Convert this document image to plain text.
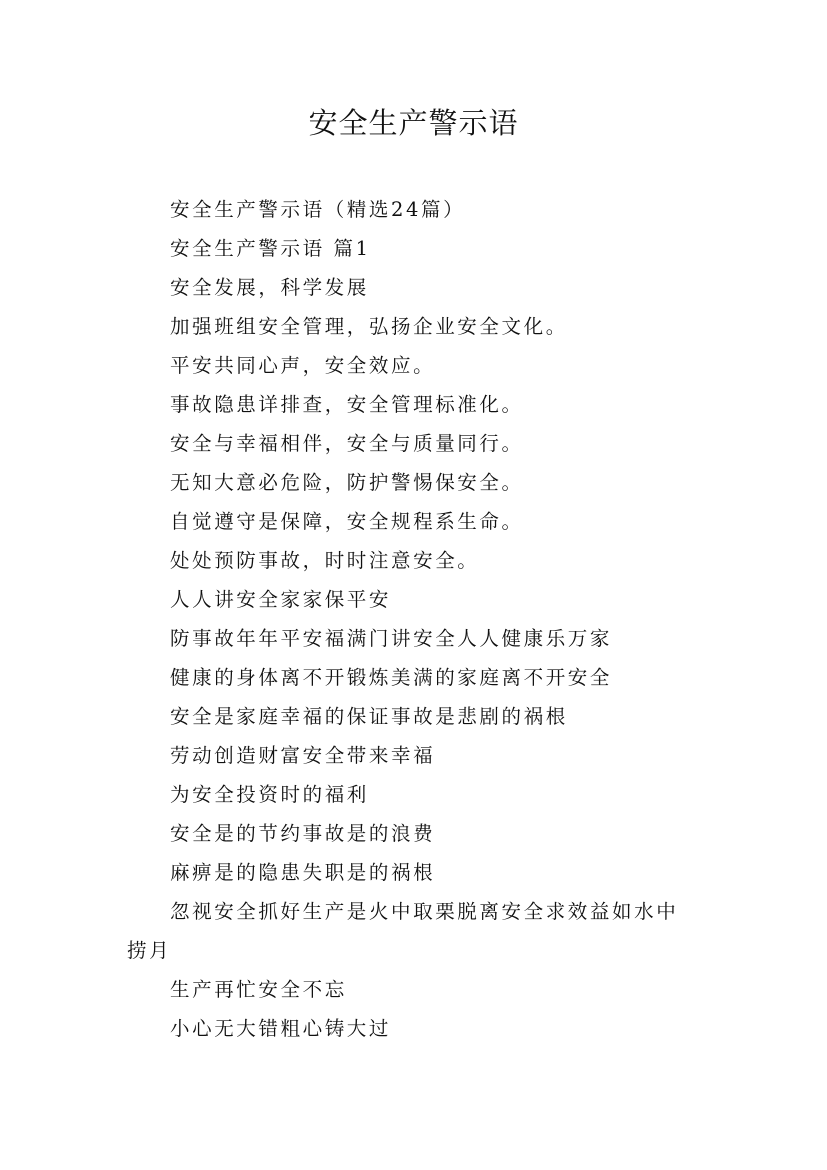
安全生产警示语
安全生产警示语（精选24篇）
安全生产警示语 篇1
安全发展，科学发展
加强班组安全管理，弘扬企业安全文化。
平安共同心声，安全效应。
事故隐患详排查，安全管理标准化。
安全与幸福相伴，安全与质量同行。
无知大意必危险，防护警惕保安全。
自觉遵守是保障，安全规程系生命。
处处预防事故，时时注意安全。
人人讲安全家家保平安
防事故年年平安福满门讲安全人人健康乐万家
健康的身体离不开锻炼美满的家庭离不开安全
安全是家庭幸福的保证事故是悲剧的祸根
劳动创造财富安全带来幸福
为安全投资时的福利
安全是的节约事故是的浪费
麻痹是的隐患失职是的祸根
忽视安全抓好生产是火中取栗脱离安全求效益如水中
捞月
生产再忙安全不忘
小心无大错粗心铸大过
